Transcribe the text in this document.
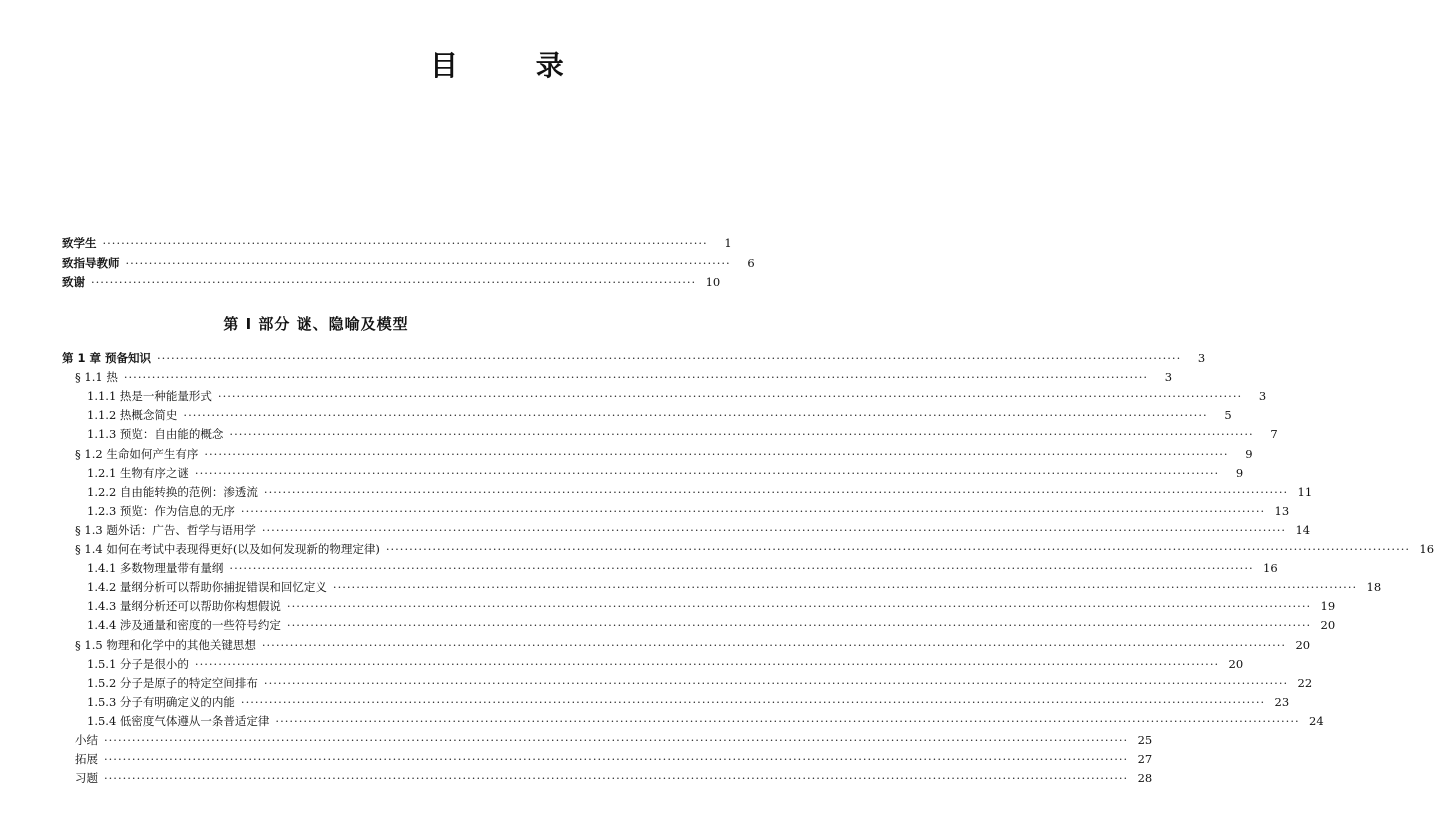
目 录
致学生 ··································································································································	1
致指导教师 ··································································································································	6
致谢 ·································································································································· 10
第 I 部分 谜、隐喻及模型
第 1 章 预备知识 ····························································································································································································································	3
§ 1.1 热 ····························································································································································································································	3
1.1.1 热是一种能量形式 ····························································································································································································································	3
1.1.2 热概念简史 ····························································································································································································································	5
1.1.3 预览：自由能的概念 ····························································································································································································································	7
§ 1.2 生命如何产生有序 ····························································································································································································································	9
1.2.1 生物有序之谜 ····························································································································································································································	9
1.2.2 自由能转换的范例：渗透流 ···························································································································································································································· 11
1.2.3 预览：作为信息的无序 ···························································································································································································································· 13
§ 1.3 题外话：广告、哲学与语用学 ···························································································································································································································· 14
§ 1.4 如何在考试中表现得更好(以及如何发现新的物理定律) ···························································································································································································································· 16
1.4.1 多数物理量带有量纲 ···························································································································································································································· 16
1.4.2 量纲分析可以帮助你捕捉错误和回忆定义 ···························································································································································································································· 18
1.4.3 量纲分析还可以帮助你构想假说 ···························································································································································································································· 19
1.4.4 涉及通量和密度的一些符号约定 ···························································································································································································································· 20
§ 1.5 物理和化学中的其他关键思想 ···························································································································································································································· 20
1.5.1 分子是很小的 ···························································································································································································································· 20
1.5.2 分子是原子的特定空间排布 ···························································································································································································································· 22
1.5.3 分子有明确定义的内能 ···························································································································································································································· 23
1.5.4 低密度气体遵从一条普适定律 ···························································································································································································································· 24
小结 ···························································································································································································································· 25
拓展 ···························································································································································································································· 27
习题 ···························································································································································································································· 28
